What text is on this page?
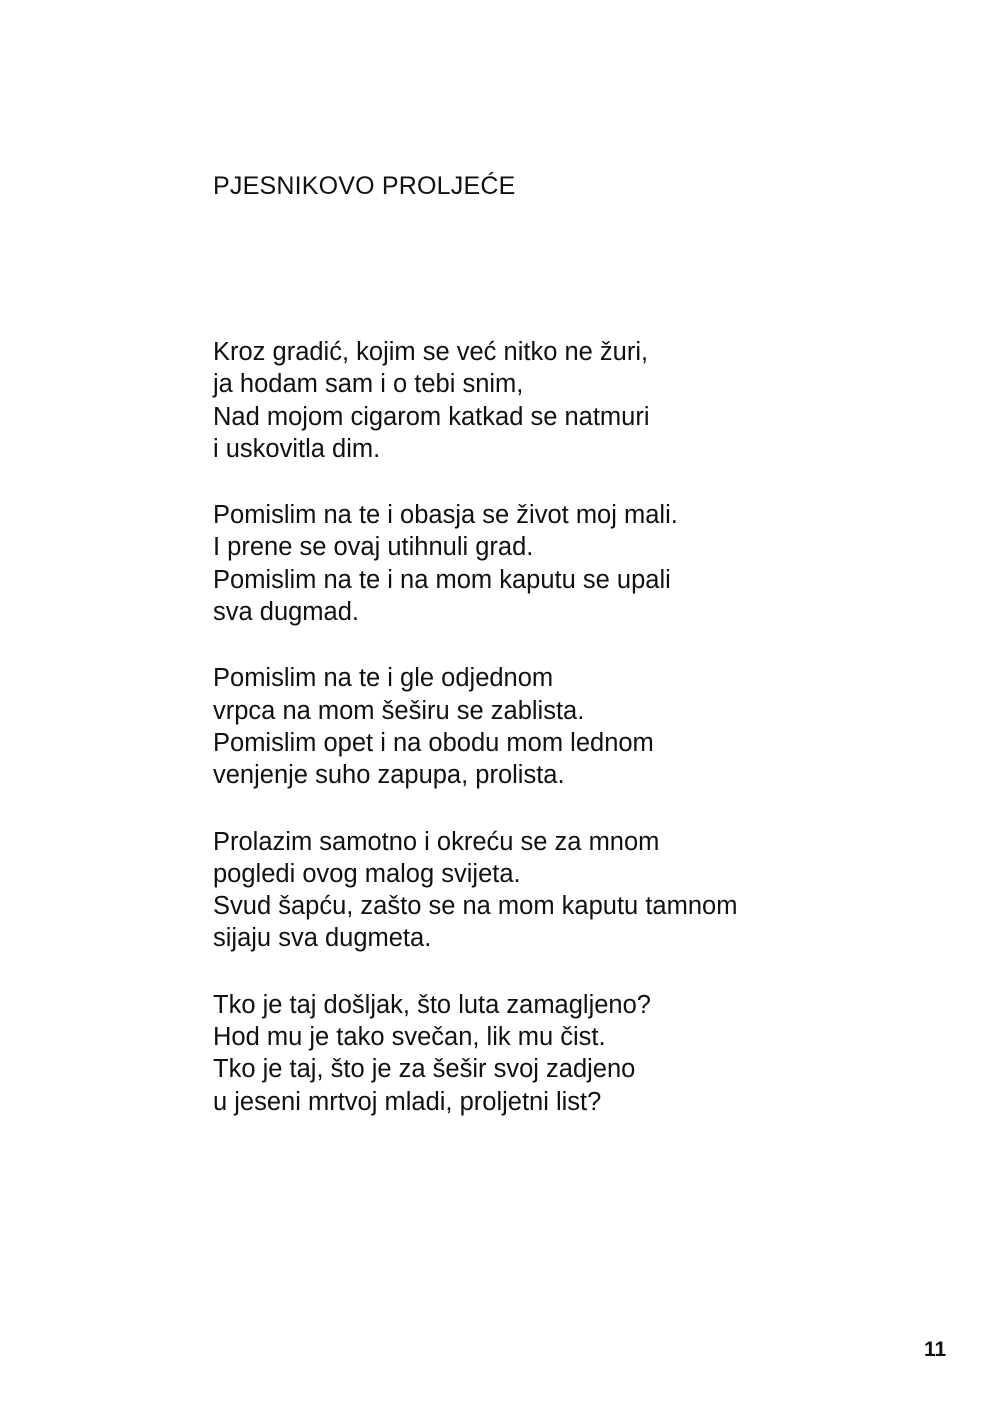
PJESNIKOVO PROLJEĆE
Kroz gradić, kojim se već nitko ne žuri,
ja hodam sam i o tebi snim,
Nad mojom cigarom katkad se natmuri
i uskovitla dim.
Pomislim na te i obasja se život moj mali.
I prene se ovaj utihnuli grad.
Pomislim na te i na mom kaputu se upali
sva dugmad.
Pomislim na te i gle odjednom
vrpca na mom šeširu se zablista.
Pomislim opet i na obodu mom lednom
venjenje suho zapupa, prolista.
Prolazim samotno i okreću se za mnom
pogledi ovog malog svijeta.
Svud šapću, zašto se na mom kaputu tamnom
sijaju sva dugmeta.
Tko je taj došljak, što luta zamagljeno?
Hod mu je tako svečan, lik mu čist.
Tko je taj, što je za šešir svoj zadjeno
u jeseni mrtvoj mladi, proljetni list?
11
